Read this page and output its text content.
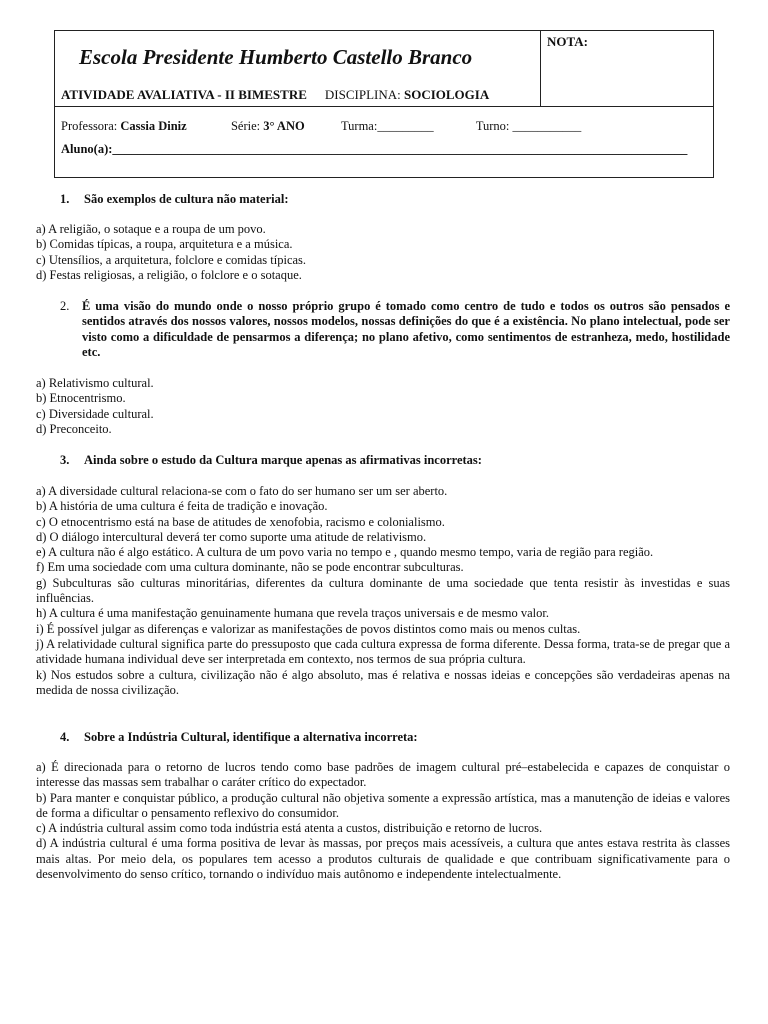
Escola Presidente Humberto Castello Branco
ATIVIDADE AVALIATIVA - II BIMESTRE DISCIPLINA: SOCIOLOGIA
NOTA:
Professora: Cassia Diniz	Série: 3° ANO	Turma:_________	Turno: ___________
Aluno(a):____________________________________________________________________________________________
1. São exemplos de cultura não material:
a) A religião, o sotaque e a roupa de um povo.
b) Comidas típicas, a roupa, arquitetura e a música.
c) Utensílios, a arquitetura, folclore e comidas típicas.
d) Festas religiosas, a religião, o folclore e o sotaque.
2. É uma visão do mundo onde o nosso próprio grupo é tomado como centro de tudo e todos os outros são pensados e sentidos através dos nossos valores, nossos modelos, nossas definições do que é a existência. No plano intelectual, pode ser visto como a dificuldade de pensarmos a diferença; no plano afetivo, como sentimentos de estranheza, medo, hostilidade etc.
a) Relativismo cultural.
b) Etnocentrismo.
c) Diversidade cultural.
d) Preconceito.
3. Ainda sobre o estudo da Cultura marque apenas as afirmativas incorretas:

a) A diversidade cultural relaciona-se com o fato do ser humano ser um ser aberto.

b) A história de uma cultura é feita de tradição e inovação.

c) O etnocentrismo está na base de atitudes de xenofobia, racismo e colonialismo.

d) O diálogo intercultural deverá ter como suporte uma atitude de relativismo.

e) A cultura não é algo estático. A cultura de um povo varia no tempo e , quando mesmo tempo, varia de região para região.

f) Em uma sociedade com uma cultura dominante, não se pode encontrar subculturas.

g) Subculturas são culturas minoritárias, diferentes da cultura dominante de uma sociedade que tenta resistir às investidas e suas influências.

h) A cultura é uma manifestação genuinamente humana que revela traços universais e de mesmo valor.

i) É possível julgar as diferenças e valorizar as manifestações de povos distintos como mais ou menos cultas.

j) A relatividade cultural significa parte do pressuposto que cada cultura expressa de forma diferente. Dessa forma, trata-se de pregar que a atividade humana individual deve ser interpretada em contexto, nos termos de sua própria cultura.

k) Nos estudos sobre a cultura, civilização não é algo absoluto, mas é relativa e nossas ideias e concepções são verdadeiras apenas na medida de nossa civilização.

4. Sobre a Indústria Cultural, identifique a alternativa incorreta:

a) É direcionada para o retorno de lucros tendo como base padrões de imagem cultural pré–estabelecida e capazes de conquistar o interesse das massas sem trabalhar o caráter crítico do expectador.

b) Para manter e conquistar público, a produção cultural não objetiva somente a expressão artística, mas a manutenção de ideias e valores de forma a dificultar o pensamento reflexivo do consumidor.

c) A indústria cultural assim como toda indústria está atenta a custos, distribuição e retorno de lucros.

d) A indústria cultural é uma forma positiva de levar às massas, por preços mais acessíveis, a cultura que antes estava restrita às classes mais altas. Por meio dela, os populares tem acesso a produtos culturais de qualidade e que contribuam significativamente para o desenvolvimento do senso crítico, tornando o indivíduo mais autônomo e independente intelectualmente.
